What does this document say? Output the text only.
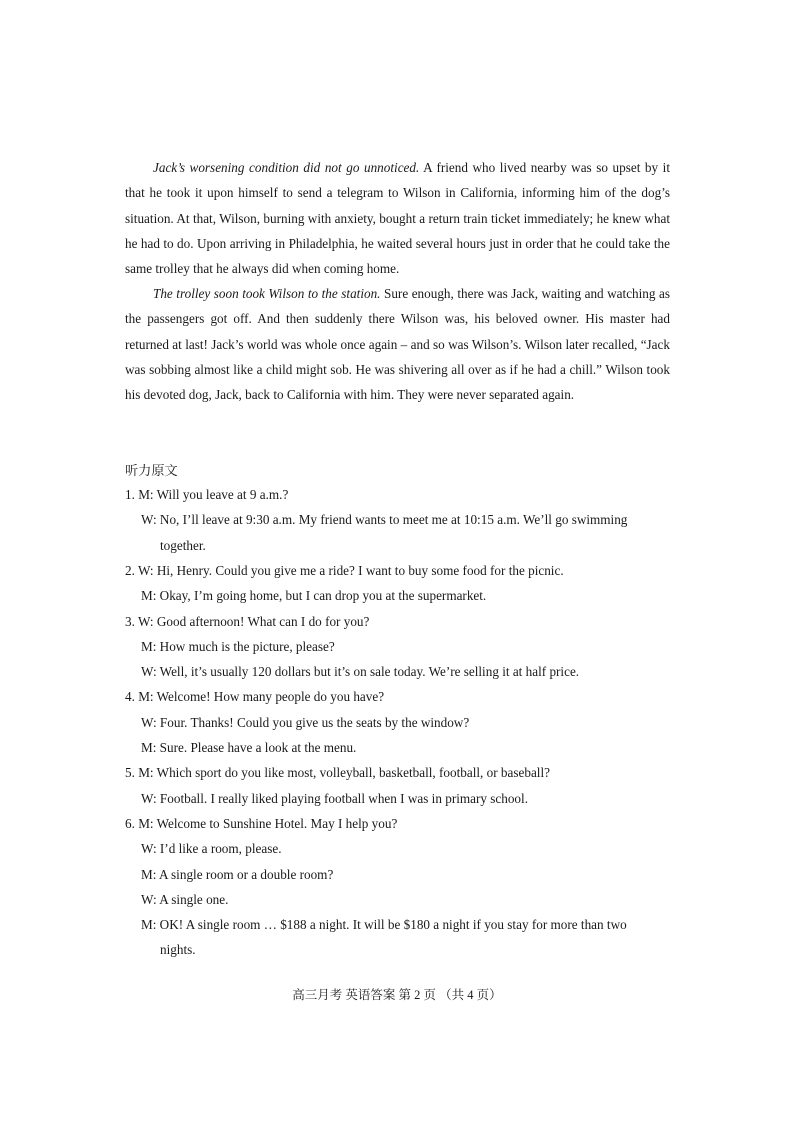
Jack’s worsening condition did not go unnoticed. A friend who lived nearby was so upset by it that he took it upon himself to send a telegram to Wilson in California, informing him of the dog’s situation. At that, Wilson, burning with anxiety, bought a return train ticket immediately; he knew what he had to do. Upon arriving in Philadelphia, he waited several hours just in order that he could take the same trolley that he always did when coming home.
The trolley soon took Wilson to the station. Sure enough, there was Jack, waiting and watching as the passengers got off. And then suddenly there Wilson was, his beloved owner. His master had returned at last! Jack’s world was whole once again – and so was Wilson’s. Wilson later recalled, “Jack was sobbing almost like a child might sob. He was shivering all over as if he had a chill.” Wilson took his devoted dog, Jack, back to California with him. They were never separated again.
听力原文
1. M: Will you leave at 9 a.m.?
W: No, I’ll leave at 9:30 a.m. My friend wants to meet me at 10:15 a.m. We’ll go swimming
together.
2. W: Hi, Henry. Could you give me a ride? I want to buy some food for the picnic.
M: Okay, I’m going home, but I can drop you at the supermarket.
3. W: Good afternoon! What can I do for you?
M: How much is the picture, please?
W: Well, it’s usually 120 dollars but it’s on sale today. We’re selling it at half price.
4. M: Welcome! How many people do you have?
W: Four. Thanks! Could you give us the seats by the window?
M: Sure. Please have a look at the menu.
5. M: Which sport do you like most, volleyball, basketball, football, or baseball?
W: Football. I really liked playing football when I was in primary school.
6. M: Welcome to Sunshine Hotel. May I help you?
W: I’d like a room, please.
M: A single room or a double room?
W: A single one.
M: OK! A single room … $188 a night. It will be $180 a night if you stay for more than two
nights.
高三月考 英语答案 第 2 页 （共 4 页）
